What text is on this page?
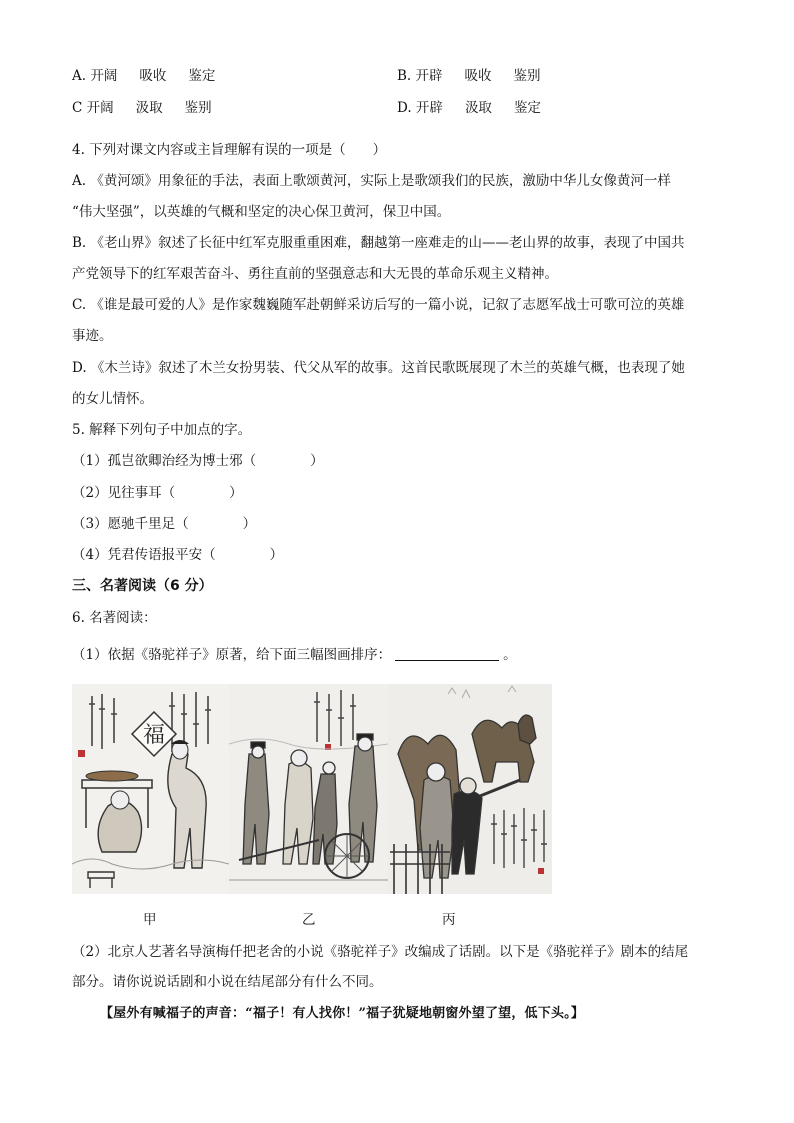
A. 开阔 吸收 鉴定	B. 开辟 吸收 鉴别
C 开阔 汲取 鉴别	D. 开辟 汲取 鉴定
4. 下列对课文内容或主旨理解有误的一项是（　　）
A. 《黄河颂》用象征的手法，表面上歌颂黄河，实际上是歌颂我们的民族，激励中华儿女像黄河一样
“伟大坚强”，以英雄的气概和坚定的决心保卫黄河，保卫中国。
B. 《老山界》叙述了长征中红军克服重重困难，翻越第一座难走的山——老山界的故事，表现了中国共
产党领导下的红军艰苦奋斗、勇往直前的坚强意志和大无畏的革命乐观主义精神。
C. 《谁是最可爱的人》是作家魏巍随军赴朝鲜采访后写的一篇小说，记叙了志愿军战士可歌可泣的英雄
事迹。
D. 《木兰诗》叙述了木兰女扮男装、代父从军的故事。这首民歌既展现了木兰的英雄气概，也表现了她
的女儿情怀。
5. 解释下列句子中加点的字。
（1）孤岂欲卿治经为博士邪（　　　　）
（2）见往事耳（　　　　）
（3）愿驰千里足（　　　　）
（4）凭君传语报平安（　　　　）
三、名著阅读（6 分）
6. 名著阅读：
（1）依据《骆驼祥子》原著，给下面三幅图画排序：	。
福
甲	乙	丙
（2）北京人艺著名导演梅仟把老舍的小说《骆驼祥子》改编成了话剧。以下是《骆驼祥子》剧本的结尾
部分。请你说说话剧和小说在结尾部分有什么不同。
【屋外有喊福子的声音：“福子！有人找你！”福子犹疑地朝窗外望了望，低下头。】
